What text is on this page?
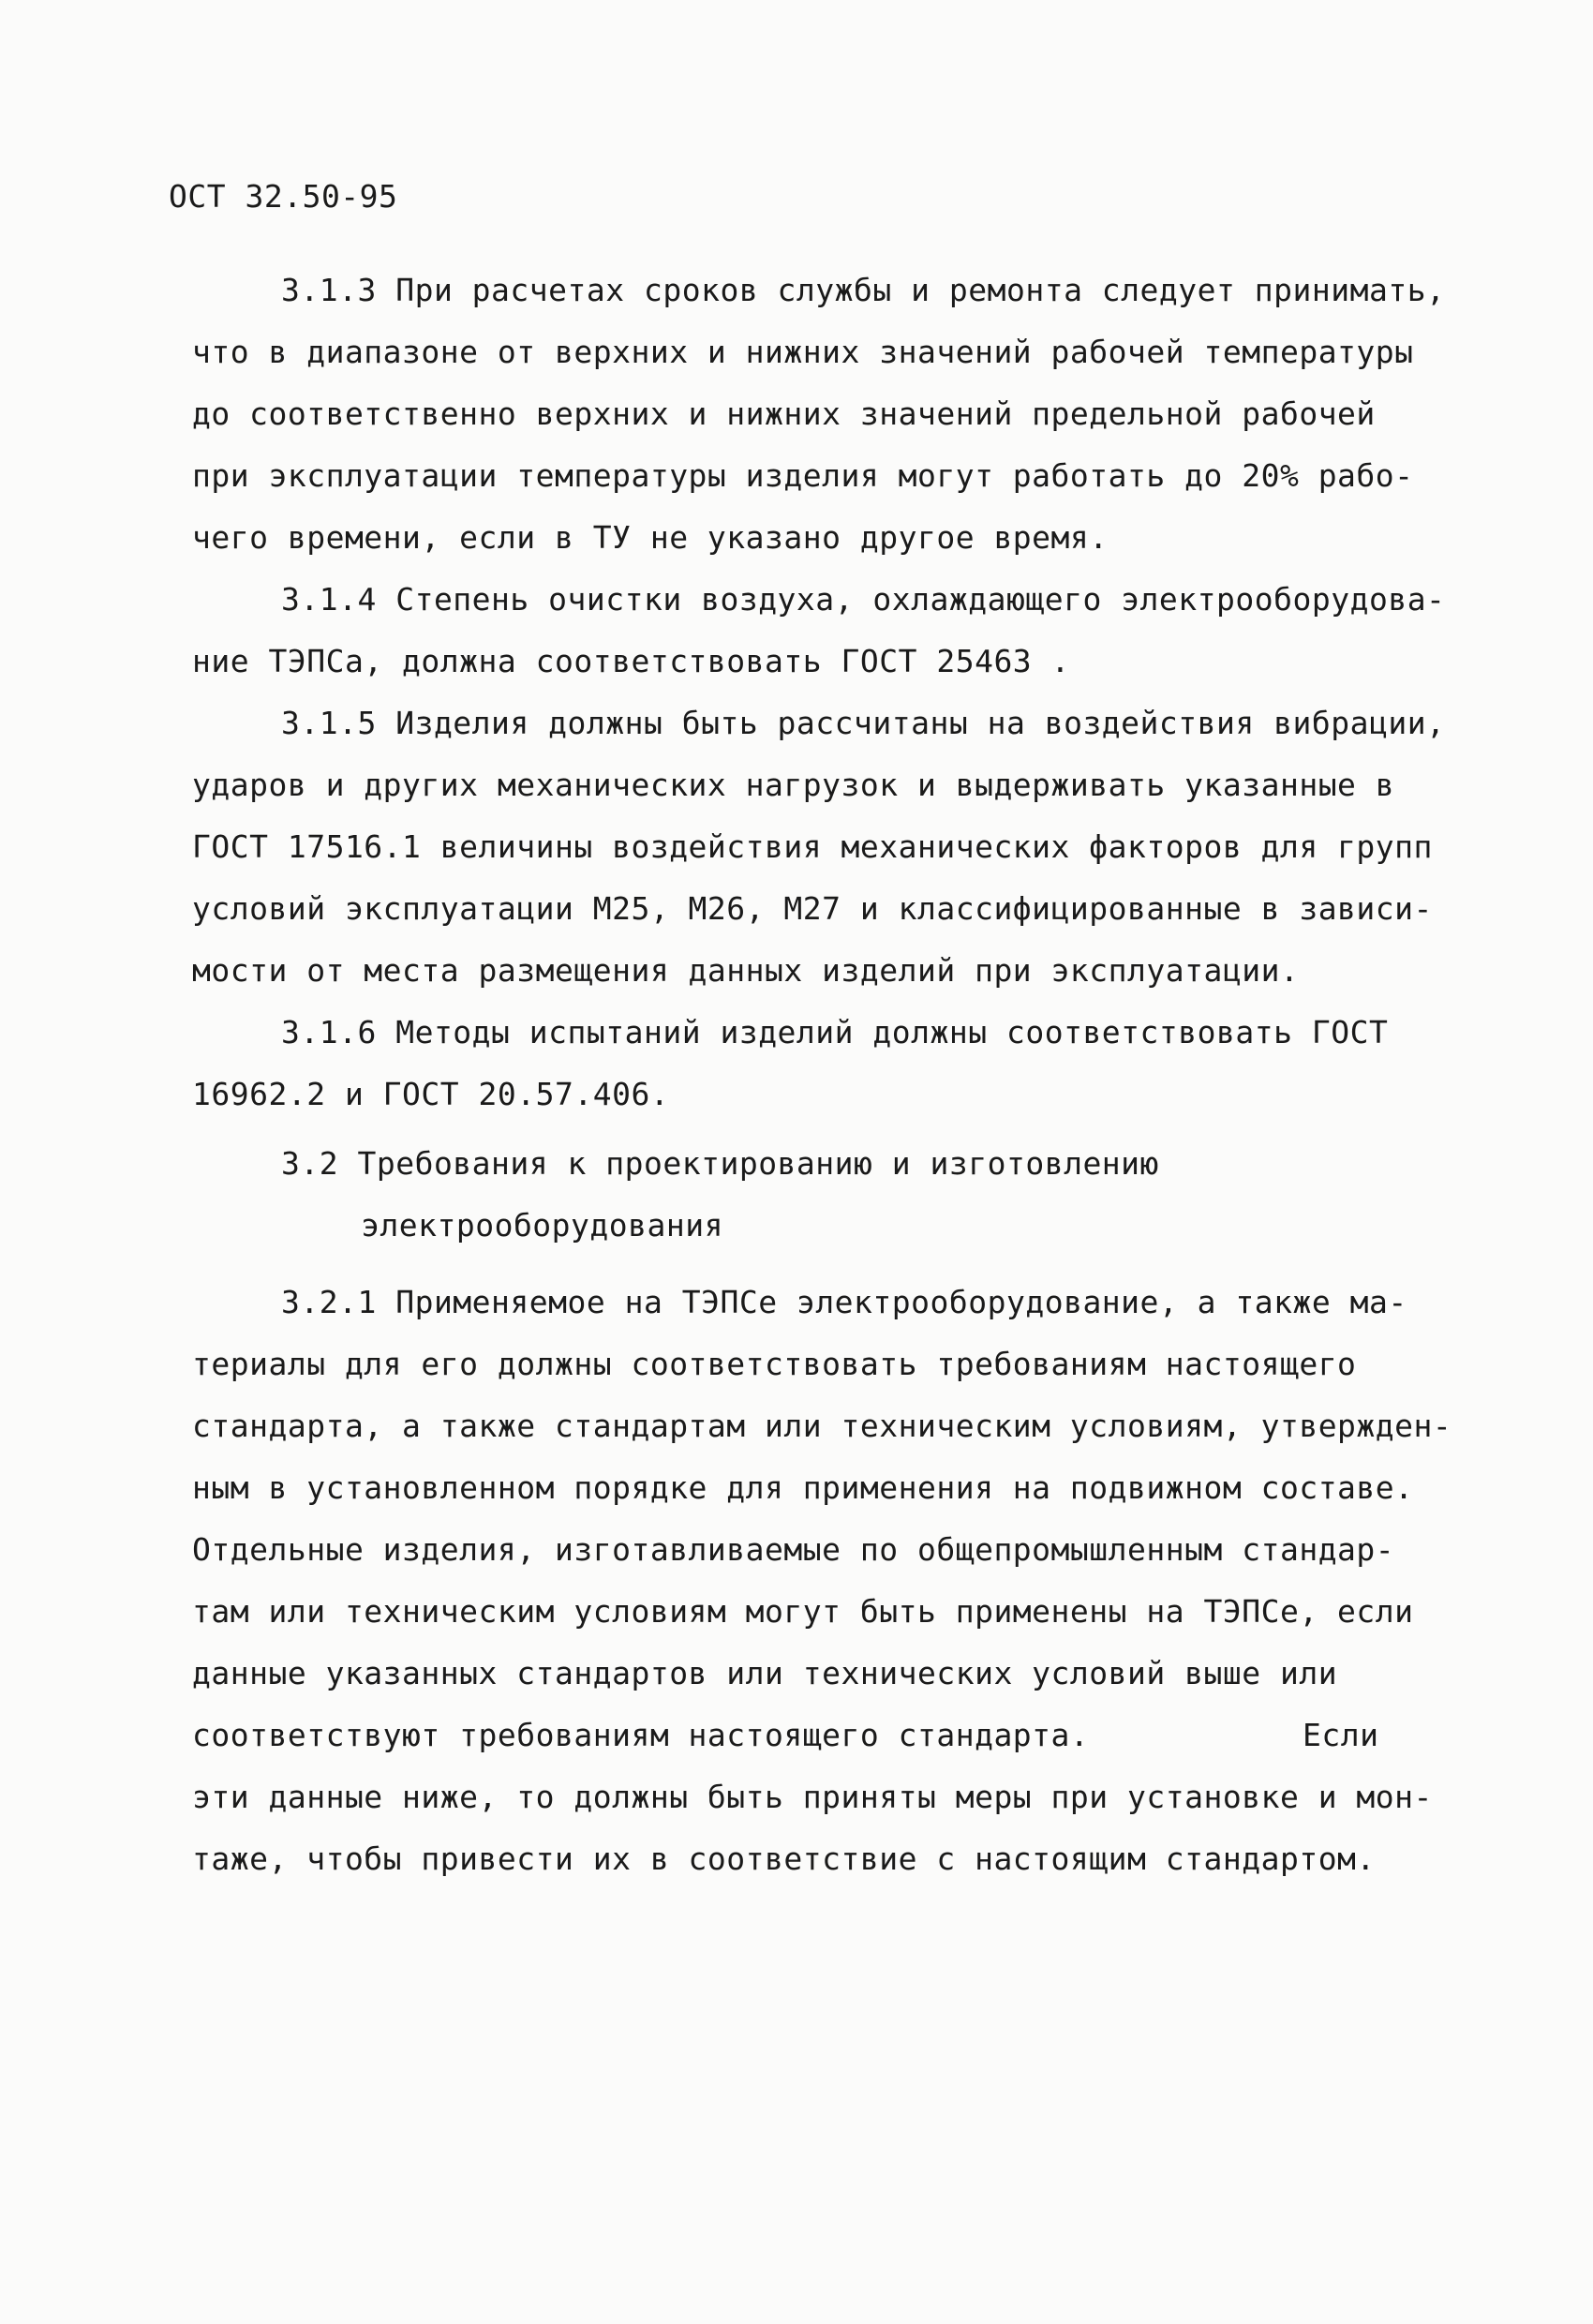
ОСТ 32.50-95
3.1.3 При расчетах сроков службы и ремонта следует принимать,
что в диапазоне от верхних и нижних значений рабочей температуры
до соответственно верхних и нижних значений предельной рабочей
при эксплуатации температуры изделия могут работать до 20% рабо-
чего времени, если в ТУ не указано другое время.
3.1.4 Степень очистки воздуха, охлаждающего электрооборудова-
ние ТЭПСа, должна соответствовать ГОСТ 25463 .
3.1.5 Изделия должны быть рассчитаны на воздействия вибрации,
ударов и других механических нагрузок и выдерживать указанные в
ГОСТ 17516.1 величины воздействия механических факторов для групп
условий эксплуатации М25, М26, М27 и классифицированные в зависи-
мости от места размещения данных изделий при эксплуатации.
3.1.6 Методы испытаний изделий должны соответствовать ГОСТ
16962.2 и ГОСТ 20.57.406.
3.2 Требования к проектированию и изготовлению
электрооборудования
3.2.1 Применяемое на ТЭПСе электрооборудование, а также ма-
териалы для его должны соответствовать требованиям настоящего
стандарта, а также стандартам или техническим условиям, утвержден-
ным в установленном порядке для применения на подвижном составе.
Отдельные изделия, изготавливаемые по общепромышленным стандар-
там или техническим условиям могут быть применены на ТЭПСе, если
данные указанных стандартов или технических условий выше или
соответствуют требованиям настоящего стандарта.	Если
эти данные ниже, то должны быть приняты меры при установке и мон-
таже, чтобы привести их в соответствие с настоящим стандартом.
